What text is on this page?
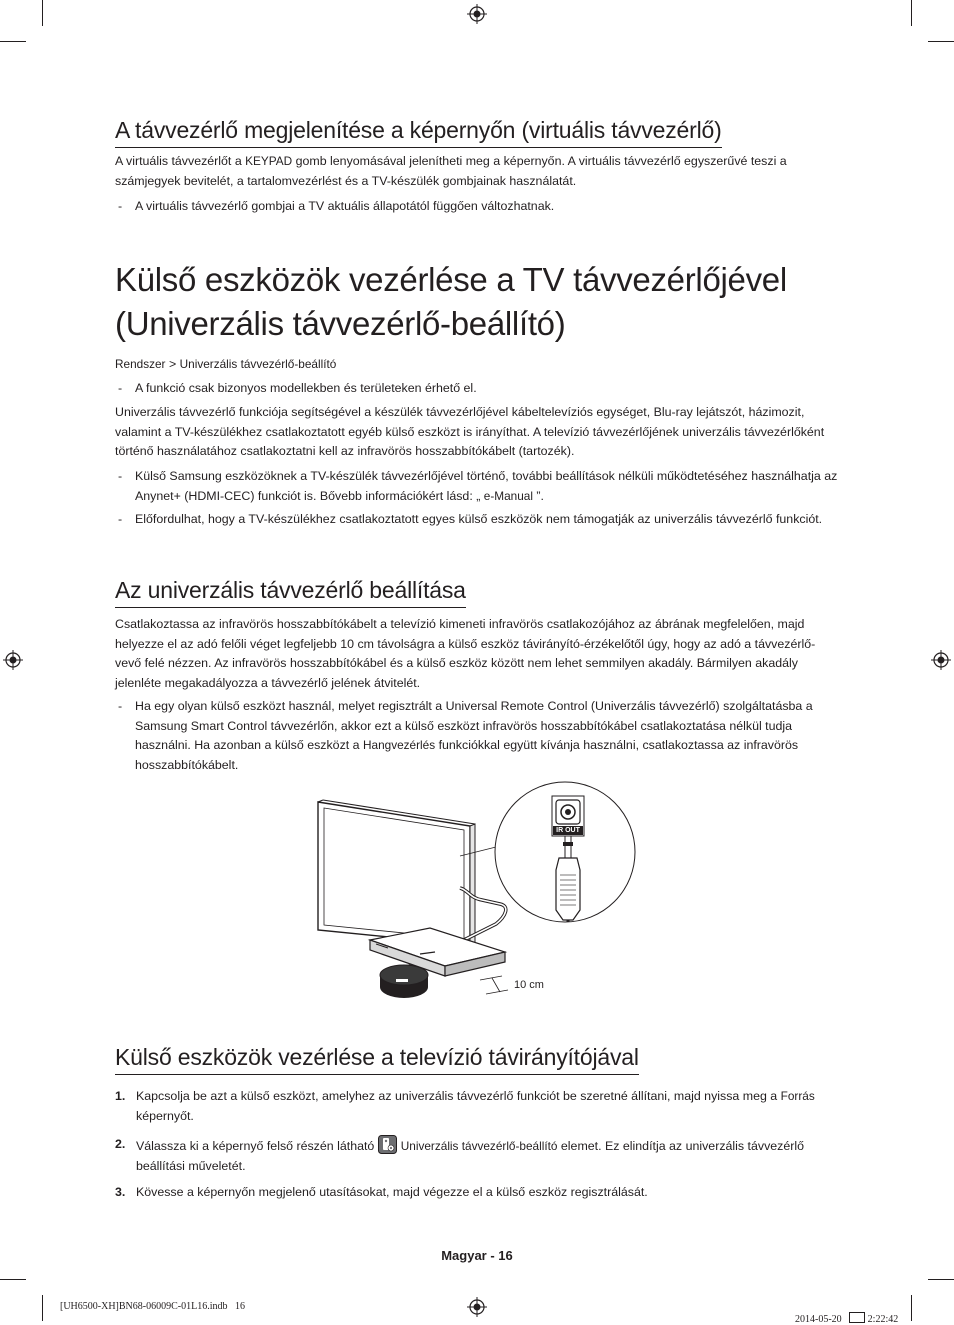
A távvezérlő megjelenítése a képernyőn (virtuális távvezérlő)
A virtuális távvezérlőt a KEYPAD gomb lenyomásával jelenítheti meg a képernyőn. A virtuális távvezérlő egyszerűvé teszi a számjegyek bevitelét, a tartalomvezérlést és a TV-készülék gombjainak használatát.
- A virtuális távvezérlő gombjai a TV aktuális állapotától függően változhatnak.
Külső eszközök vezérlése a TV távvezérlőjével (Univerzális távvezérlő-beállító)
Rendszer > Univerzális távvezérlő-beállító
- A funkció csak bizonyos modellekben és területeken érhető el.
Univerzális távvezérlő funkciója segítségével a készülék távvezérlőjével kábeltelevíziós egységet, Blu-ray lejátszót, házimozit, valamint a TV-készülékhez csatlakoztatott egyéb külső eszközt is irányíthat. A televízió távvezérlőjének univerzális távvezérlőként történő használatához csatlakoztatni kell az infravörös hosszabbítókábelt (tartozék).
- Külső Samsung eszközöknek a TV-készülék távvezérlőjével történő, további beállítások nélküli működtetéséhez használhatja az Anynet+ (HDMI-CEC) funkciót is. Bővebb információkért lásd: „ e-Manual ”.
- Előfordulhat, hogy a TV-készülékhez csatlakoztatott egyes külső eszközök nem támogatják az univerzális távvezérlő funkciót.
Az univerzális távvezérlő beállítása
Csatlakoztassa az infravörös hosszabbítókábelt a televízió kimeneti infravörös csatlakozójához az ábrának megfelelően, majd helyezze el az adó felőli véget legfeljebb 10 cm távolságra a külső eszköz távirányító-érzékelőtől úgy, hogy az adó a távvezérlő-vevő felé nézzen. Az infravörös hosszabbítókábel és a külső eszköz között nem lehet semmilyen akadály. Bármilyen akadály jelenléte megakadályozza a távvezérlő jelének átvitelét.
- Ha egy olyan külső eszközt használ, melyet regisztrált a Universal Remote Control (Univerzális távvezérlő) szolgáltatásba a Samsung Smart Control távvezérlőn, akkor ezt a külső eszközt infravörös hosszabbítókábel csatlakoztatása nélkül tudja használni. Ha azonban a külső eszközt a Hangvezérlés funkciókkal együtt kívánja használni, csatlakoztassa az infravörös hosszabbítókábelt.
IR OUT
10 cm
Külső eszközök vezérlése a televízió távirányítójával
1. Kapcsolja be azt a külső eszközt, amelyhez az univerzális távvezérlő funkciót be szeretné állítani, majd nyissa meg a Forrás képernyőt.
2. Válassza ki a képernyő felső részén látható Univerzális távvezérlő-beállító elemet. Ez elindítja az univerzális távvezérlő beállítási műveletét.
3. Kövesse a képernyőn megjelenő utasításokat, majd végezze el a külső eszköz regisztrálását.
Magyar - 16
[UH6500-XH]BN68-06009C-01L16.indb   16

2014-05-20    2:22:42
